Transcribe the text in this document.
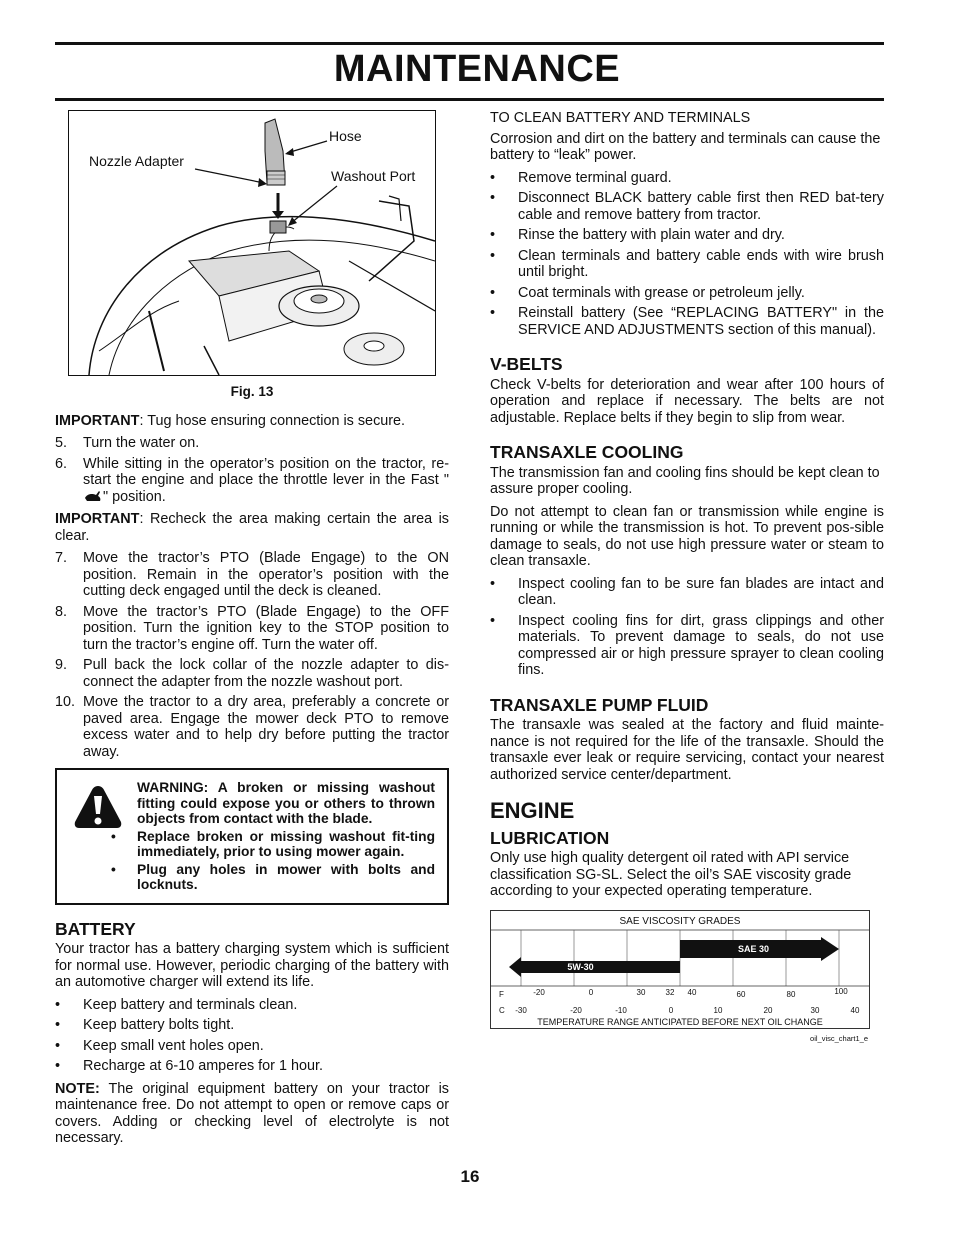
MAINTENANCE
Hose
Nozzle Adapter
Washout Port
Fig. 13

IMPORTANT: Tug hose ensuring connection is secure.

5. Turn the water on.
6. While sitting in the operator’s position on the tractor, re-start the engine and place the throttle lever in the Fast "" position.

IMPORTANT: Recheck the area making certain the area is clear.

7. Move the tractor’s PTO (Blade Engage) to the ON position. Remain in the operator’s position with the cutting deck engaged until the deck is cleaned.
8. Move the tractor’s PTO (Blade Engage) to the OFF position. Turn the ignition key to the STOP position to turn the tractor’s engine off. Turn the water off.
9. Pull back the lock collar of the nozzle adapter to dis-connect the adapter from the nozzle washout port.
10. Move the tractor to a dry area, preferably a concrete or paved area. Engage the mower deck PTO to remove excess water and to help dry before putting the tractor away.

WARNING: A broken or missing washout fitting could expose you or others to thrown objects from contact with the blade.

• Replace broken or missing washout fit-ting immediately, prior to using mower again.
• Plug any holes in mower with bolts and locknuts.
BATTERY

Your tractor has a battery charging system which is sufficient for normal use. However, periodic charging of the battery with an automotive charger will extend its life.

• Keep battery and terminals clean.
• Keep battery bolts tight.
• Keep small vent holes open.
• Recharge at 6-10 amperes for 1 hour.

NOTE: The original equipment battery on your tractor is maintenance free. Do not attempt to open or remove caps or covers. Adding or checking level of electrolyte is not necessary.

TO CLEAN BATTERY AND TERMINALS

Corrosion and dirt on the battery and terminals can cause the battery to “leak” power.

• Remove terminal guard.
• Disconnect BLACK battery cable first then RED bat-tery cable and remove battery from tractor.
• Rinse the battery with plain water and dry.
• Clean terminals and battery cable ends with wire brush until bright.
• Coat terminals with grease or petroleum jelly.
• Reinstall battery (See “REPLACING BATTERY" in the SERVICE AND ADJUSTMENTS section of this manual).
V-BELTS

Check V-belts for deterioration and wear after 100 hours of operation and replace if necessary. The belts are not adjustable. Replace belts if they begin to slip from wear.

TRANSAXLE COOLING

The transmission fan and cooling fins should be kept clean to assure proper cooling.

Do not attempt to clean fan or transmission while engine is running or while the transmission is hot. To prevent pos-sible damage to seals, do not use high pressure water or steam to clean transaxle.

• Inspect cooling fan to be sure fan blades are intact and clean.
• Inspect cooling fins for dirt, grass clippings and other materials. To prevent damage to seals, do not use compressed air or high pressure sprayer to clean cooling fins.
TRANSAXLE PUMP FLUID

The transaxle was sealed at the factory and fluid mainte-nance is not required for the life of the transaxle. Should the transaxle ever leak or require servicing, contact your nearest authorized service center/department.

ENGINE
LUBRICATION

Only use high quality detergent oil rated with API service classification SG-SL. Select the oil’s SAE viscosity grade according to your expected operating temperature.

SAE VISCOSITY GRADES
5W-30
SAE 30
F
C
-20	0	30	32 40	60	80	100
-30	-20	-10	0	10	20	30	40
TEMPERATURE RANGE ANTICIPATED BEFORE NEXT OIL CHANGE
oil_visc_chart1_e
16
